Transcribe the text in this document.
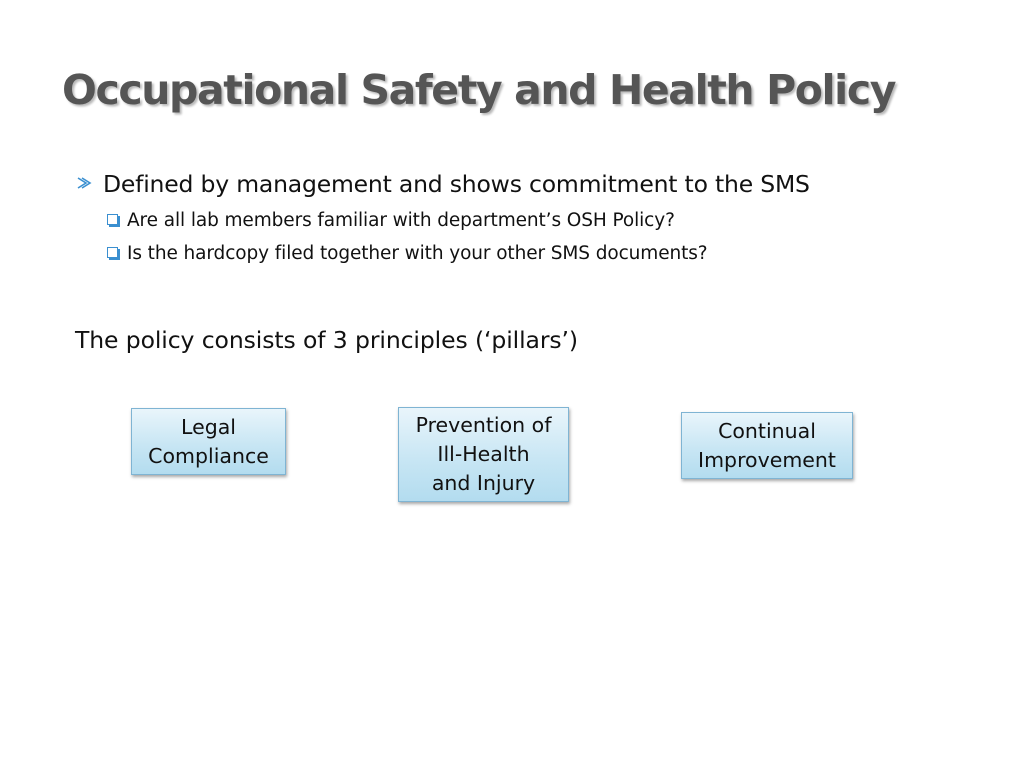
Occupational Safety and Health Policy
Defined by management and shows commitment to the SMS
Are all lab members familiar with department’s OSH Policy?
Is the hardcopy filed together with your other SMS documents?
The policy consists of 3 principles (‘pillars’)
Legal
Compliance
Prevention of
Ill-Health
and Injury
Continual
Improvement
